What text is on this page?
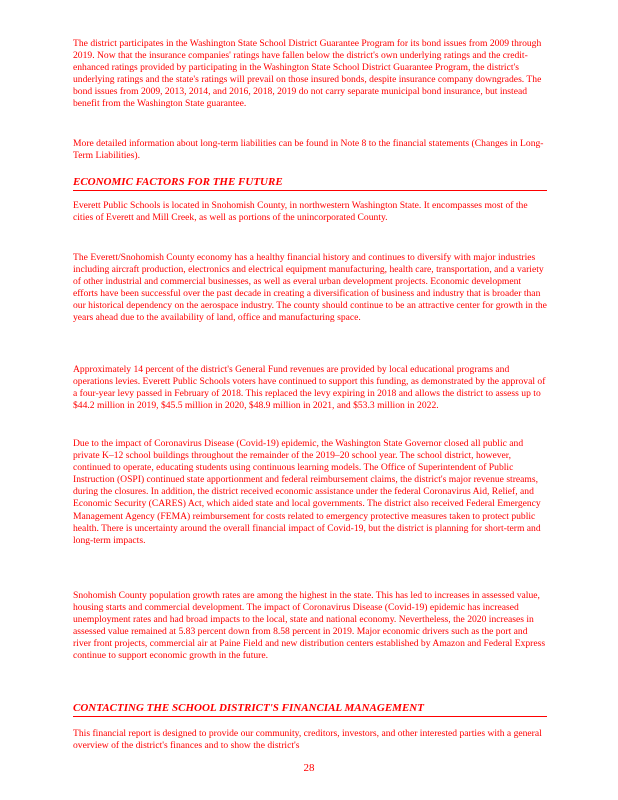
The district participates in the Washington State School District Guarantee Program for its bond issues from 2009 through 2019. Now that the insurance companies' ratings have fallen below the district's own underlying ratings and the credit-enhanced ratings provided by participating in the Washington State School District Guarantee Program, the district's underlying ratings and the state's ratings will prevail on those insured bonds, despite insurance company downgrades. The bond issues from 2009, 2013, 2014, and 2016, 2018, 2019 do not carry separate municipal bond insurance, but instead benefit from the Washington State guarantee.

More detailed information about long-term liabilities can be found in Note 8 to the financial statements (Changes in Long-Term Liabilities).

ECONOMIC FACTORS FOR THE FUTURE

Everett Public Schools is located in Snohomish County, in northwestern Washington State. It encompasses most of the cities of Everett and Mill Creek, as well as portions of the unincorporated County.

The Everett/Snohomish County economy has a healthy financial history and continues to diversify with major industries including aircraft production, electronics and electrical equipment manufacturing, health care, transportation, and a variety of other industrial and commercial businesses, as well as everal urban development projects. Economic development efforts have been successful over the past decade in creating a diversification of business and industry that is broader than our historical dependency on the aerospace industry. The county should continue to be an attractive center for growth in the years ahead due to the availability of land, office and manufacturing space.

Approximately 14 percent of the district's General Fund revenues are provided by local educational programs and operations levies. Everett Public Schools voters have continued to support this funding, as demonstrated by the approval of a four-year levy passed in February of 2018. This replaced the levy expiring in 2018 and allows the district to assess up to $44.2 million in 2019, $45.5 million in 2020, $48.9 million in 2021, and $53.3 million in 2022.

Due to the impact of Coronavirus Disease (Covid-19) epidemic, the Washington State Governor closed all public and private K–12 school buildings throughout the remainder of the 2019–20 school year. The school district, however, continued to operate, educating students using continuous learning models. The Office of Superintendent of Public Instruction (OSPI) continued state apportionment and federal reimbursement claims, the district's major revenue streams, during the closures. In addition, the district received economic assistance under the federal Coronavirus Aid, Relief, and Economic Security (CARES) Act, which aided state and local governments. The district also received Federal Emergency Management Agency (FEMA) reimbursement for costs related to emergency protective measures taken to protect public health. There is uncertainty around the overall financial impact of Covid-19, but the district is planning for short-term and long-term impacts.

Snohomish County population growth rates are among the highest in the state. This has led to increases in assessed value, housing starts and commercial development. The impact of Coronavirus Disease (Covid-19) epidemic has increased unemployment rates and had broad impacts to the local, state and national economy. Nevertheless, the 2020 increases in assessed value remained at 5.83 percent down from 8.58 percent in 2019. Major economic drivers such as the port and river front projects, commercial air at Paine Field and new distribution centers established by Amazon and Federal Express continue to support economic growth in the future.

CONTACTING THE SCHOOL DISTRICT'S FINANCIAL MANAGEMENT

This financial report is designed to provide our community, creditors, investors, and other interested parties with a general overview of the district's finances and to show the district's

28
